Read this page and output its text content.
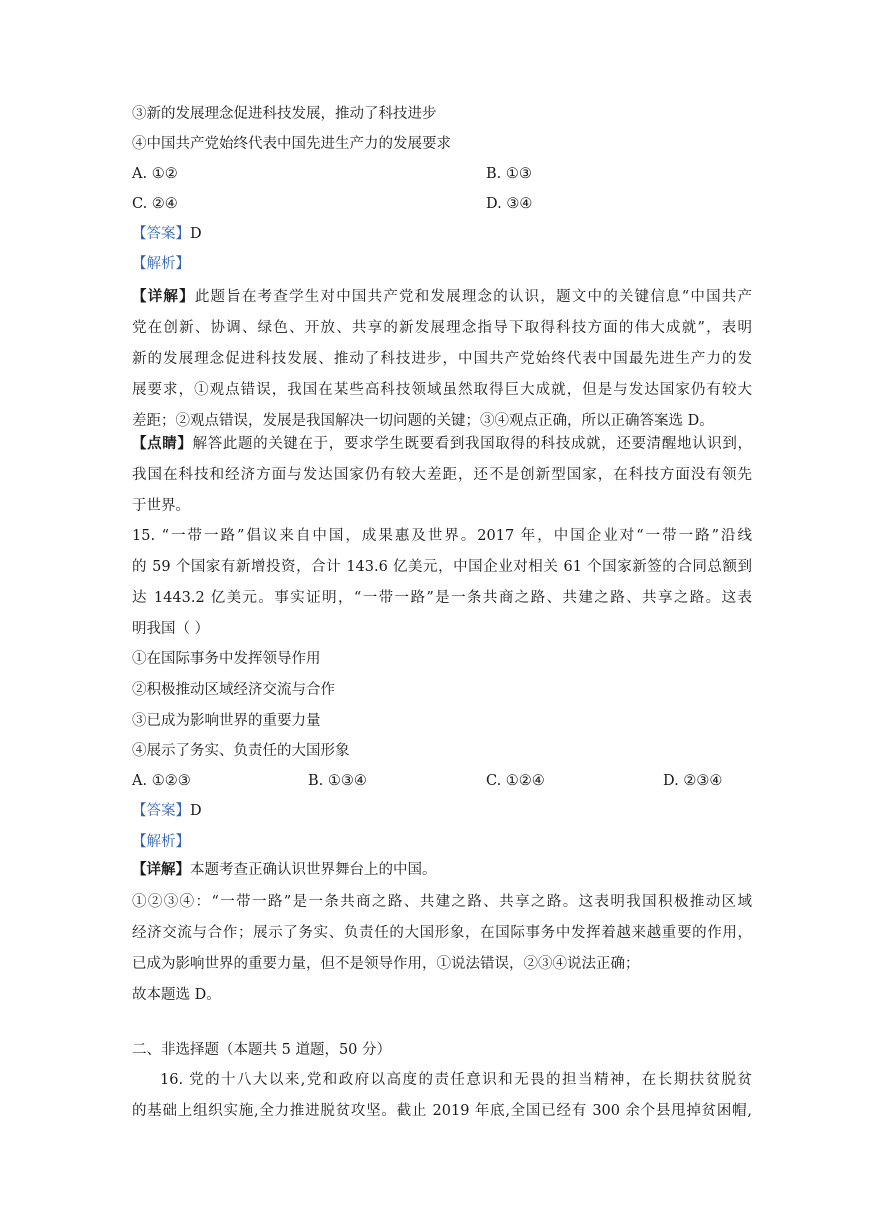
③新的发展理念促进科技发展，推动了科技进步
④中国共产党始终代表中国先进生产力的发展要求
A. ①②	B. ①③
C. ②④	D. ③④
【答案】D
【解析】
【详解】此题旨在考查学生对中国共产党和发展理念的认识，题文中的关键信息“中国共产
党在创新、协调、绿色、开放、共享的新发展理念指导下取得科技方面的伟大成就”，表明
新的发展理念促进科技发展、推动了科技进步，中国共产党始终代表中国最先进生产力的发
展要求，①观点错误，我国在某些高科技领域虽然取得巨大成就，但是与发达国家仍有较大
差距；②观点错误，发展是我国解决一切问题的关键；③④观点正确，所以正确答案选 D。
【点睛】解答此题的关键在于，要求学生既要看到我国取得的科技成就，还要清醒地认识到，
我国在科技和经济方面与发达国家仍有较大差距，还不是创新型国家，在科技方面没有领先
于世界。
15. “一带一路”倡议来自中国，成果惠及世界。2017 年，中国企业对“一带一路”沿线
的 59 个国家有新增投资，合计 143.6 亿美元，中国企业对相关 61 个国家新签的合同总额到
达 1443.2 亿美元。事实证明，“一带一路”是一条共商之路、共建之路、共享之路。这表
明我国（ ）
①在国际事务中发挥领导作用
②积极推动区域经济交流与合作
③已成为影响世界的重要力量
④展示了务实、负责任的大国形象
A. ①②③	B. ①③④	C. ①②④	D. ②③④
【答案】D
【解析】
【详解】本题考查正确认识世界舞台上的中国。
①②③④：“一带一路”是一条共商之路、共建之路、共享之路。这表明我国积极推动区域
经济交流与合作；展示了务实、负责任的大国形象，在国际事务中发挥着越来越重要的作用，
已成为影响世界的重要力量，但不是领导作用，①说法错误，②③④说法正确；
故本题选 D。
二、非选择题（本题共 5 道题，50 分）
16. 党的十八大以来,党和政府以高度的责任意识和无畏的担当精神，在长期扶贫脱贫
的基础上组织实施,全力推进脱贫攻坚。截止 2019 年底,全国已经有 300 余个县甩掉贫困帽,
